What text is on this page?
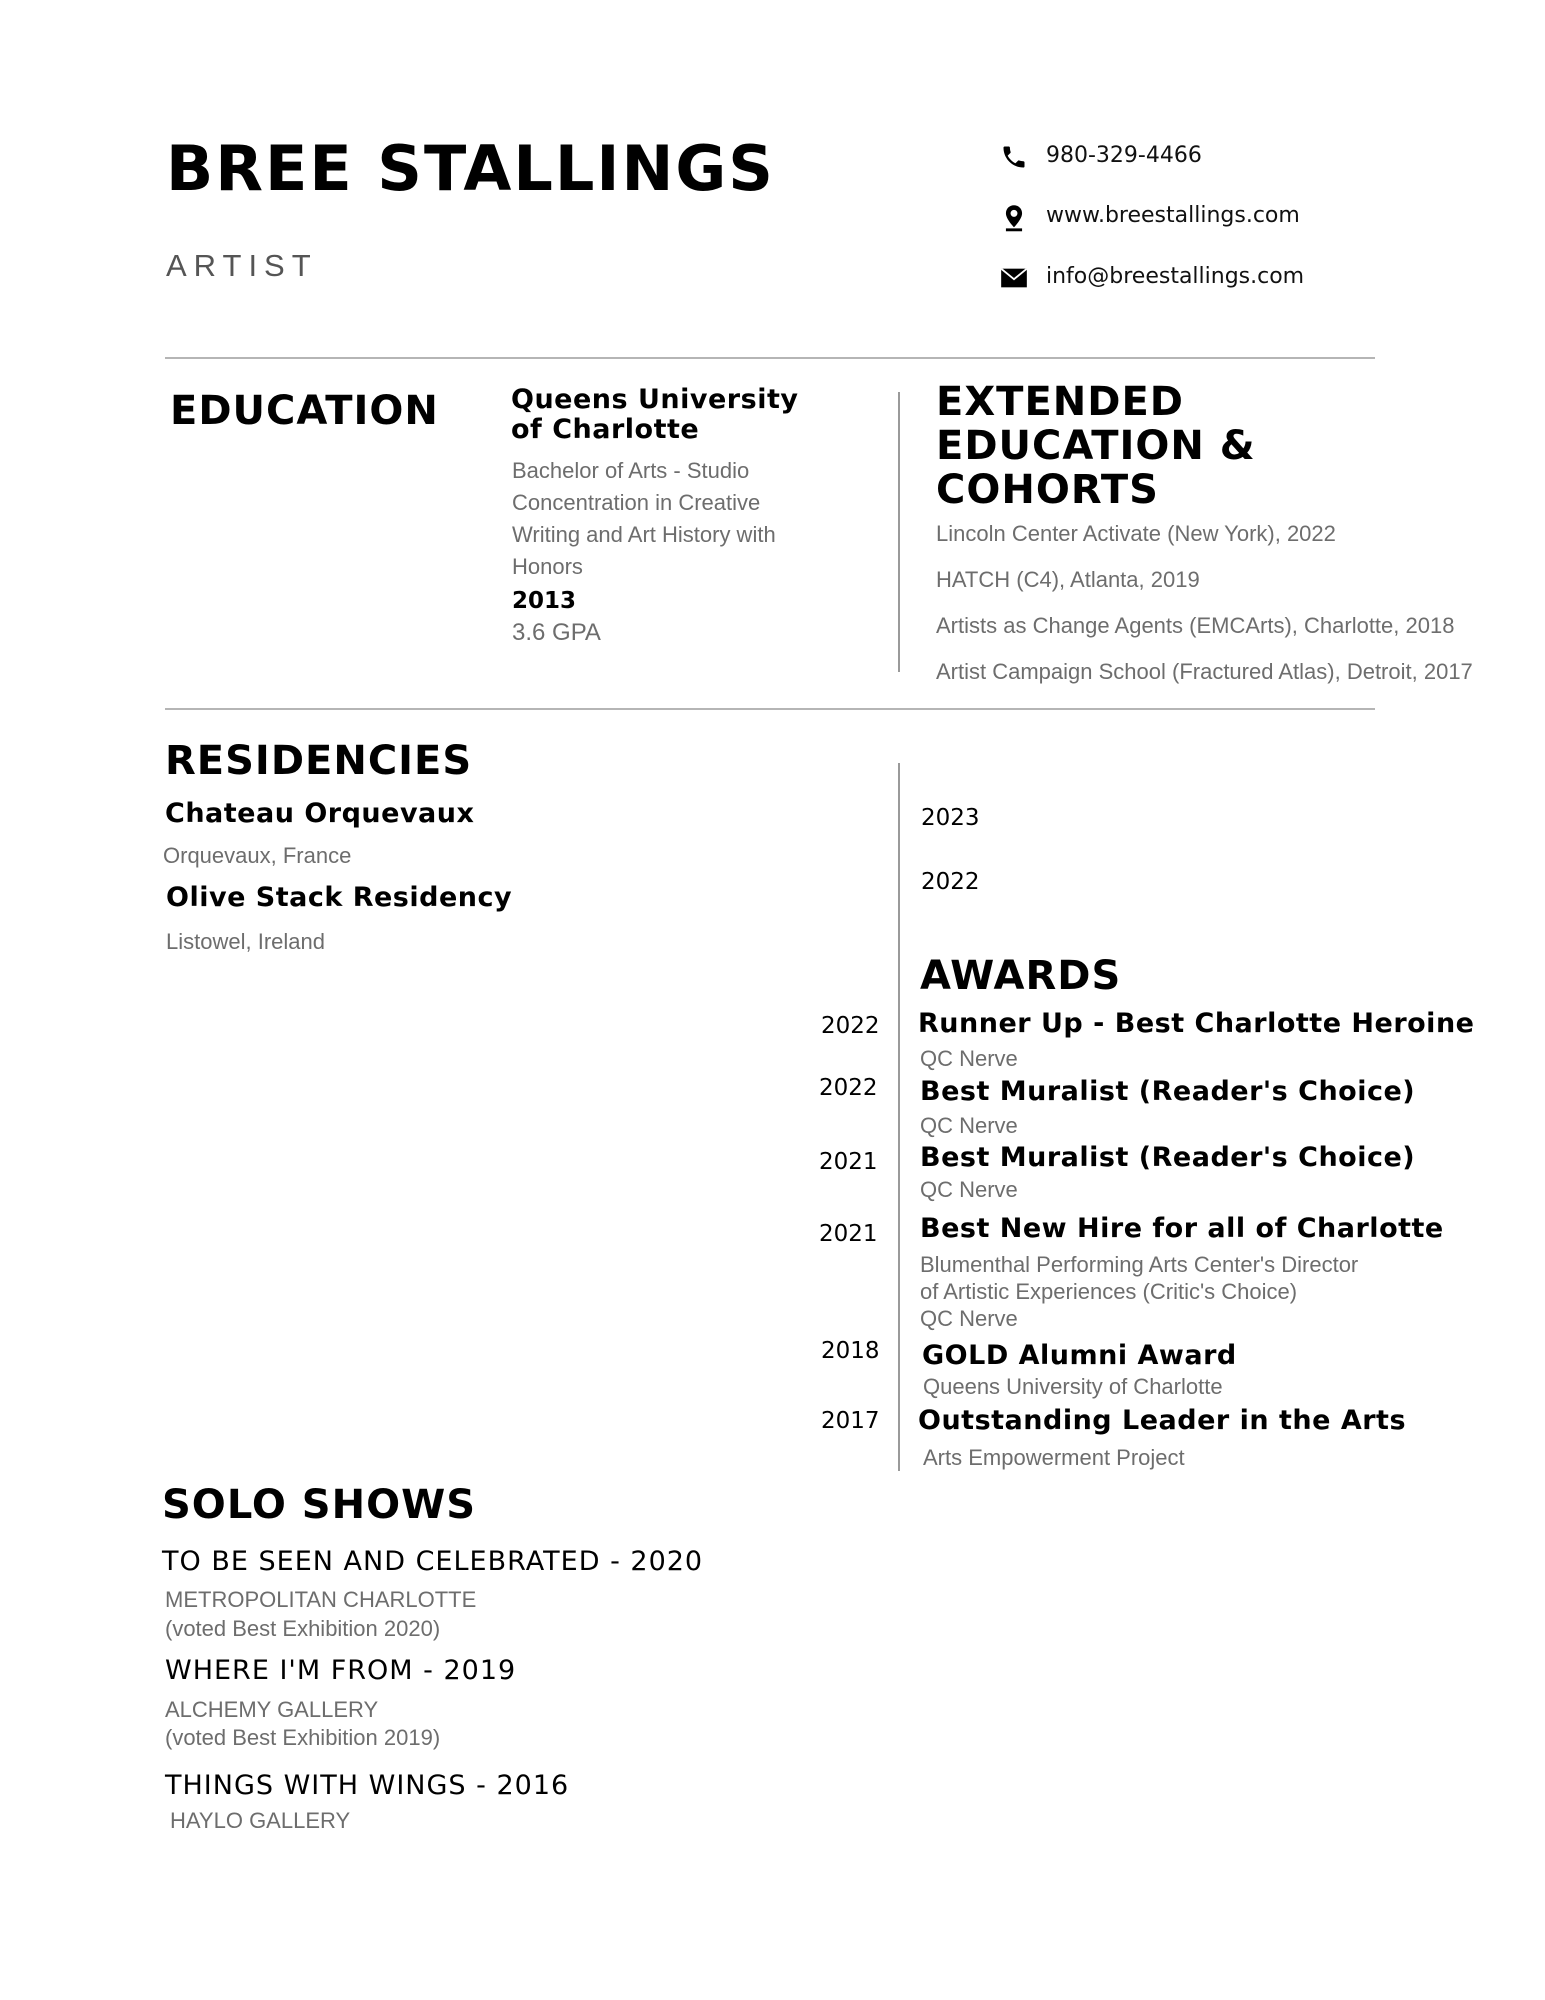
BREE STALLINGS
ARTIST
980-329-4466
www.breestallings.com
info@breestallings.com
EDUCATION	Queens University of Charlotte
Bachelor of Arts - Studio Concentration in Creative Writing and Art History with Honors
2013
3.6 GPA
EXTENDED
EDUCATION &
COHORTS
Lincoln Center Activate (New York), 2022
HATCH (C4), Atlanta, 2019
Artists as Change Agents (EMCArts), Charlotte, 2018
Artist Campaign School (Fractured Atlas), Detroit, 2017
RESIDENCIES
Chateau Orquevaux
Orquevaux, France
Olive Stack Residency
Listowel, Ireland
2023
2022
AWARDS
2022 Runner Up - Best Charlotte Heroine
QC Nerve
2022 Best Muralist (Reader's Choice)
QC Nerve
2021 Best Muralist (Reader's Choice)
QC Nerve
2021 Best New Hire for all of Charlotte
Blumenthal Performing Arts Center's Director
of Artistic Experiences (Critic's Choice)
QC Nerve
2018 GOLD Alumni Award
Queens University of Charlotte
2017 Outstanding Leader in the Arts
Arts Empowerment Project
SOLO SHOWS
TO BE SEEN AND CELEBRATED - 2020
METROPOLITAN CHARLOTTE
(voted Best Exhibition 2020)
WHERE I'M FROM - 2019
ALCHEMY GALLERY
(voted Best Exhibition 2019)
THINGS WITH WINGS - 2016
HAYLO GALLERY
